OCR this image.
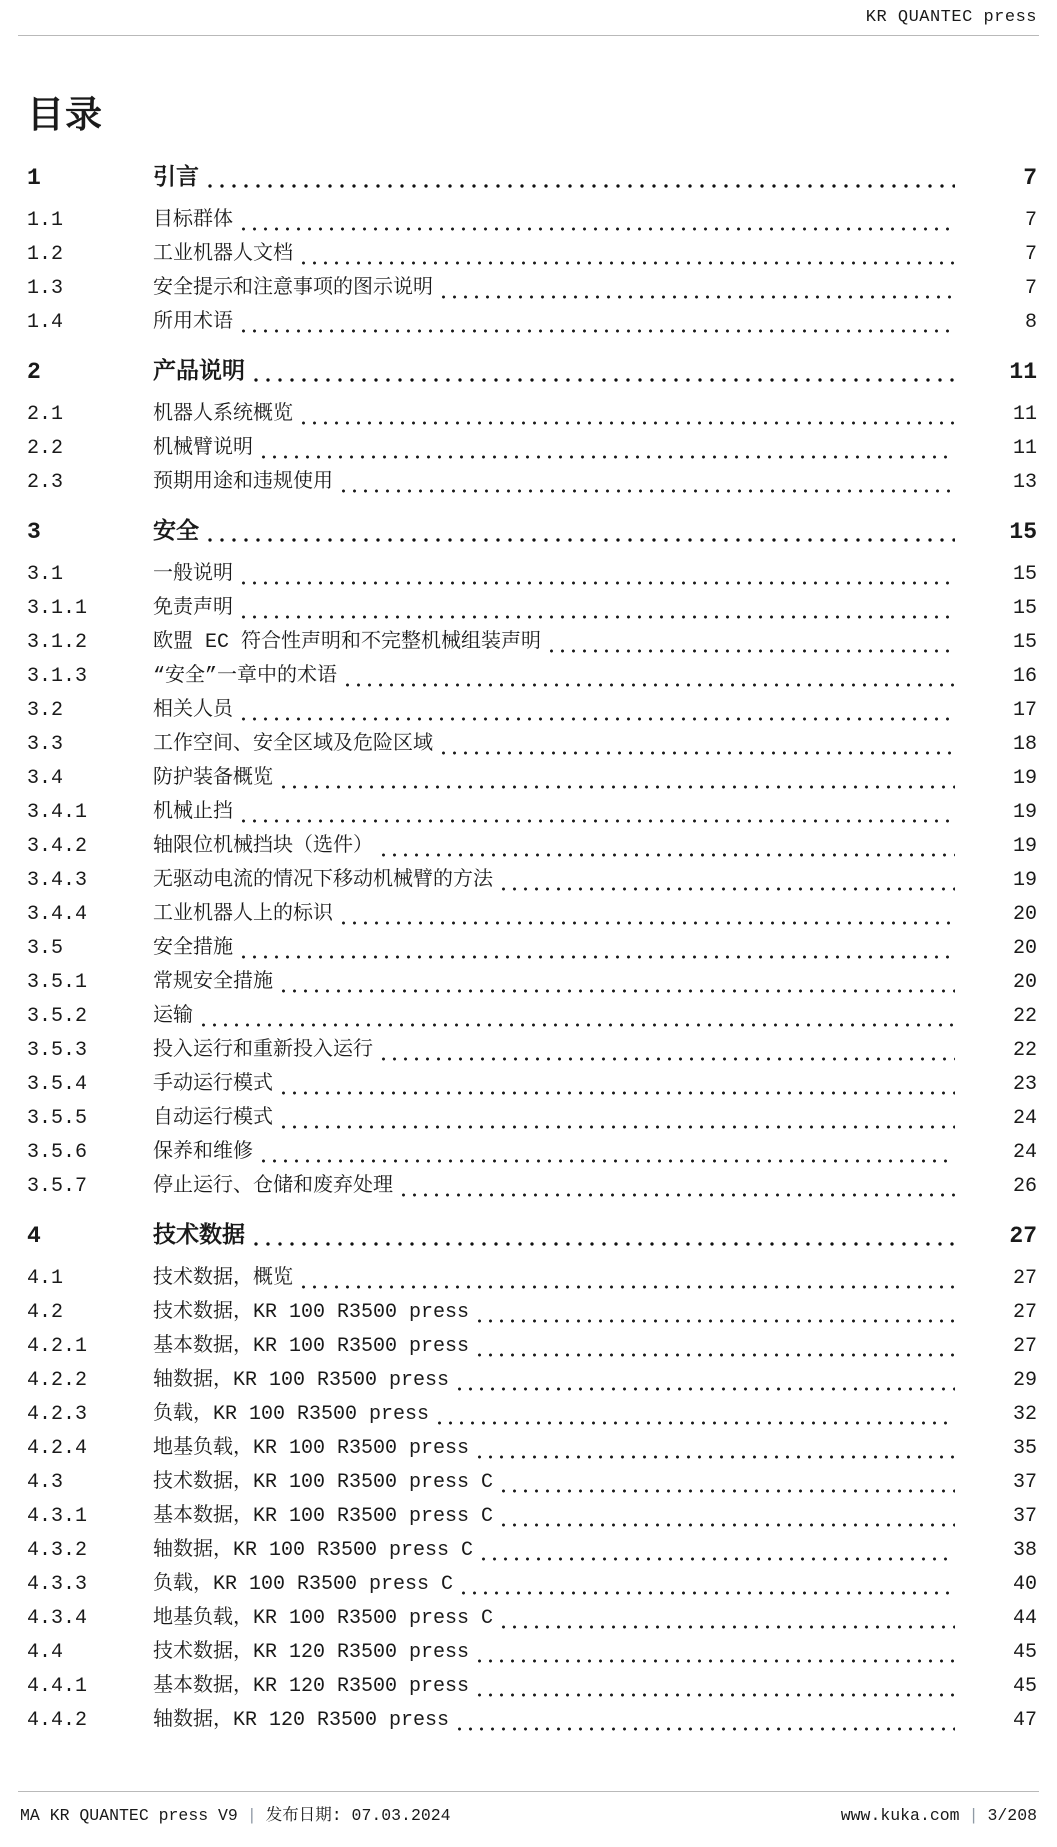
KR QUANTEC press
目录
1	引言	7
1.1	目标群体	7
1.2	工业机器人文档	7
1.3	安全提示和注意事项的图示说明	7
1.4	所用术语	8
2	产品说明	11
2.1	机器人系统概览	11
2.2	机械臂说明	11
2.3	预期用途和违规使用	13
3	安全	15
3.1	一般说明	15
3.1.1	免责声明	15
3.1.2	欧盟 EC 符合性声明和不完整机械组装声明	15
3.1.3	“安全”一章中的术语	16
3.2	相关人员	17
3.3	工作空间、安全区域及危险区域	18
3.4	防护装备概览	19
3.4.1	机械止挡	19
3.4.2	轴限位机械挡块（选件）	19
3.4.3	无驱动电流的情况下移动机械臂的方法	19
3.4.4	工业机器人上的标识	20
3.5	安全措施	20
3.5.1	常规安全措施	20
3.5.2	运输	22
3.5.3	投入运行和重新投入运行	22
3.5.4	手动运行模式	23
3.5.5	自动运行模式	24
3.5.6	保养和维修	24
3.5.7	停止运行、仓储和废弃处理	26
4	技术数据	27
4.1	技术数据，概览	27
4.2	技术数据，KR 100 R3500 press	27
4.2.1	基本数据，KR 100 R3500 press	27
4.2.2	轴数据，KR 100 R3500 press	29
4.2.3	负载，KR 100 R3500 press	32
4.2.4	地基负载，KR 100 R3500 press	35
4.3	技术数据，KR 100 R3500 press C	37
4.3.1	基本数据，KR 100 R3500 press C	37
4.3.2	轴数据，KR 100 R3500 press C	38
4.3.3	负载，KR 100 R3500 press C	40
4.3.4	地基负载，KR 100 R3500 press C	44
4.4	技术数据，KR 120 R3500 press	45
4.4.1	基本数据，KR 120 R3500 press	45
4.4.2	轴数据，KR 120 R3500 press	47
MA KR QUANTEC press V9 | 发布日期: 07.03.2024	www.kuka.com | 3/208
